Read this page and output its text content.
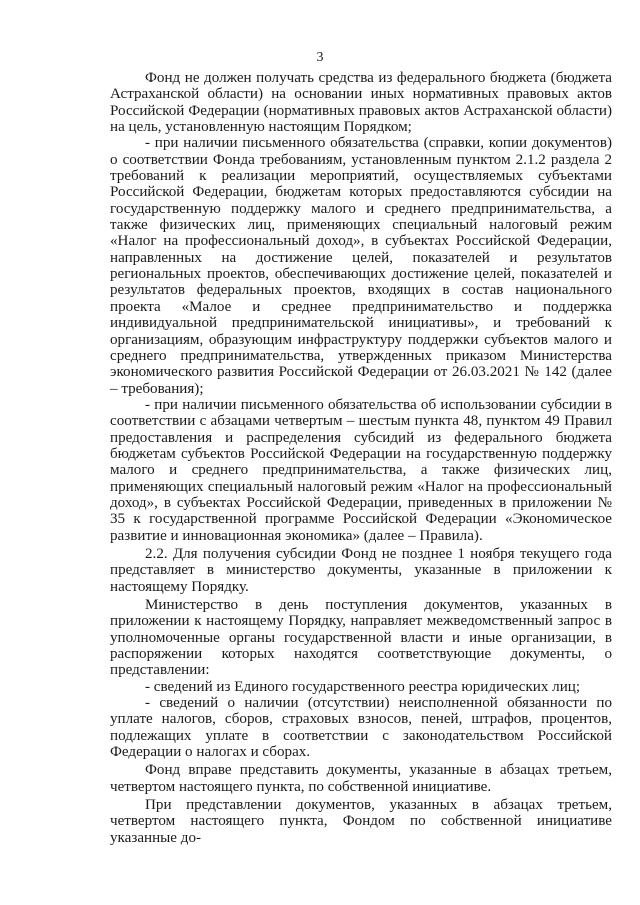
3

Фонд не должен получать средства из федерального бюджета (бюджета Астраханской области) на основании иных нормативных правовых актов Российской Федерации (нормативных правовых актов Астраханской области) на цель, установленную настоящим Порядком;

- при наличии письменного обязательства (справки, копии документов) о соответствии Фонда требованиям, установленным пунктом 2.1.2 раздела 2 требований к реализации мероприятий, осуществляемых субъектами Российской Федерации, бюджетам которых предоставляются субсидии на государственную поддержку малого и среднего предпринимательства, а также физических лиц, применяющих специальный налоговый режим «Налог на профессиональный доход», в субъектах Российской Федерации, направленных на достижение целей, показателей и результатов региональных проектов, обеспечивающих достижение целей, показателей и результатов федеральных проектов, входящих в состав национального проекта «Малое и среднее предпринимательство и поддержка индивидуальной предпринимательской инициативы», и требований к организациям, образующим инфраструктуру поддержки субъектов малого и среднего предпринимательства, утвержденных приказом Министерства экономического развития Российской Федерации от 26.03.2021 № 142 (далее – требования);

- при наличии письменного обязательства об использовании субсидии в соответствии с абзацами четвертым – шестым пункта 48, пунктом 49 Правил предоставления и распределения субсидий из федерального бюджета бюджетам субъектов Российской Федерации на государственную поддержку малого и среднего предпринимательства, а также физических лиц, применяющих специальный налоговый режим «Налог на профессиональный доход», в субъектах Российской Федерации, приведенных в приложении № 35 к государственной программе Российской Федерации «Экономическое развитие и инновационная экономика» (далее – Правила).

2.2. Для получения субсидии Фонд не позднее 1 ноября текущего года представляет в министерство документы, указанные в приложении к настоящему Порядку.

Министерство в день поступления документов, указанных в приложении к настоящему Порядку, направляет межведомственный запрос в уполномоченные органы государственной власти и иные организации, в распоряжении которых находятся соответствующие документы, о представлении:

- сведений из Единого государственного реестра юридических лиц;

- сведений о наличии (отсутствии) неисполненной обязанности по уплате налогов, сборов, страховых взносов, пеней, штрафов, процентов, подлежащих уплате в соответствии с законодательством Российской Федерации о налогах и сборах.

Фонд вправе представить документы, указанные в абзацах третьем, четвертом настоящего пункта, по собственной инициативе.

При представлении документов, указанных в абзацах третьем, четвертом настоящего пункта, Фондом по собственной инициативе указанные до-
